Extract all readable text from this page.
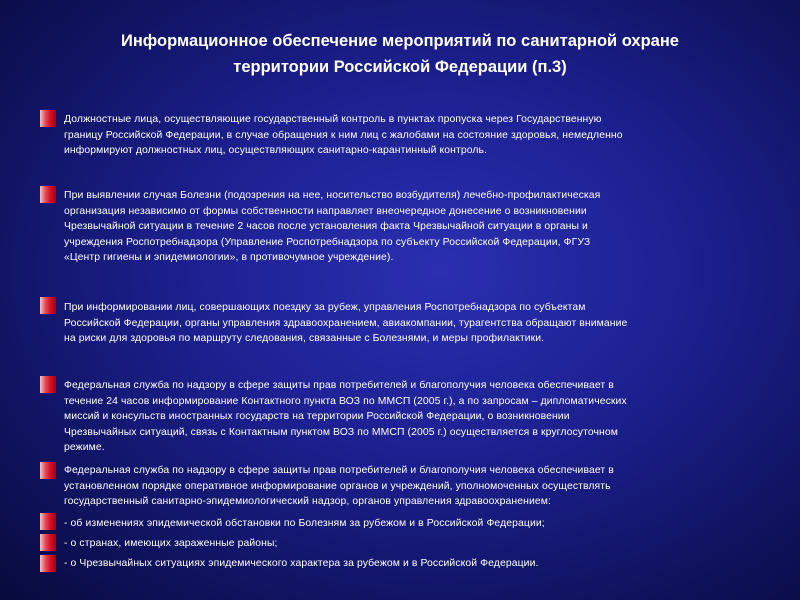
Информационное обеспечение мероприятий по санитарной охране
территории Российской Федерации (п.3)
Должностные лица, осуществляющие государственный контроль в пунктах пропуска через Государственную
границу Российской Федерации, в случае обращения к ним лиц с жалобами на состояние здоровья, немедленно
информируют должностных лиц, осуществляющих санитарно-карантинный контроль.
При выявлении случая Болезни (подозрения на нее, носительство возбудителя) лечебно-профилактическая
организация независимо от формы собственности направляет внеочередное донесение о возникновении
Чрезвычайной ситуации в течение 2 часов после установления факта Чрезвычайной ситуации в органы и
учреждения Роспотребнадзора (Управление Роспотребнадзора по субъекту Российской Федерации, ФГУЗ
«Центр гигиены и эпидемиологии», в противочумное учреждение).
При информировании лиц, совершающих поездку за рубеж, управления Роспотребнадзора по субъектам
Российской Федерации, органы управления здравоохранением, авиакомпании, турагентства обращают внимание
на риски для здоровья по маршруту следования, связанные с Болезнями, и меры профилактики.
Федеральная служба по надзору в сфере защиты прав потребителей и благополучия человека обеспечивает в
течение 24 часов информирование Контактного пункта ВОЗ по ММСП (2005 г.), а по запросам – дипломатических
миссий и консульств иностранных государств на территории Российской Федерации, о возникновении
Чрезвычайных ситуаций, связь с Контактным пунктом ВОЗ по ММСП (2005 г.) осуществляется в круглосуточном
режиме.
Федеральная служба по надзору в сфере защиты прав потребителей и благополучия человека обеспечивает в
установленном порядке оперативное информирование органов и учреждений, уполномоченных осуществлять
государственный санитарно-эпидемиологический надзор, органов управления здравоохранением:
- об изменениях эпидемической обстановки по Болезням за рубежом и в Российской Федерации;
- о странах, имеющих зараженные районы;
- о Чрезвычайных ситуациях эпидемического характера за рубежом и в Российской Федерации.
